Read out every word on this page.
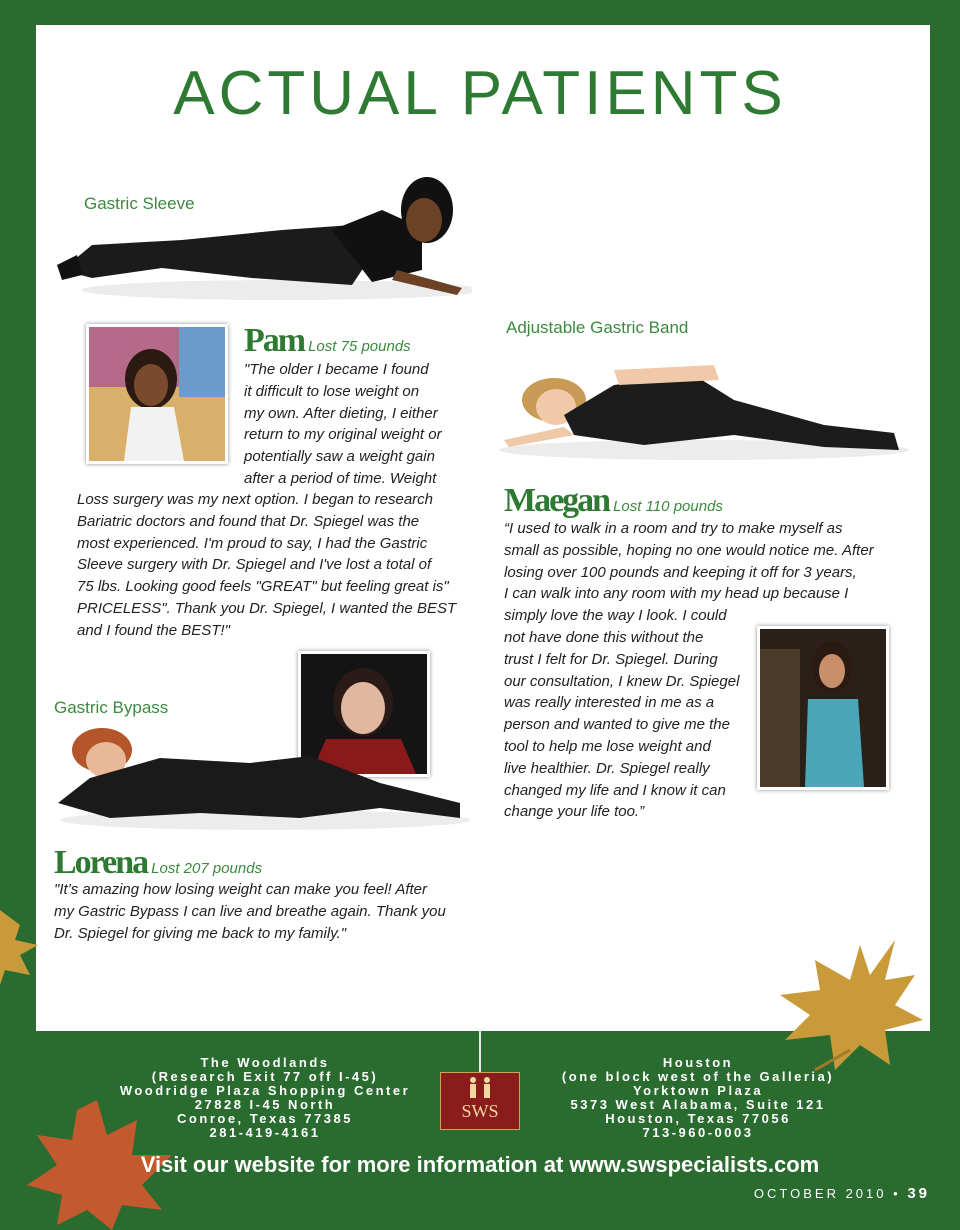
ACTUAL PATIENTS
Gastric Sleeve
Pam Lost 75 pounds
"The older I became I found
it difficult to lose weight on
my own. After dieting, I either
return to my original weight or
potentially saw a weight gain
after a period of time. Weight
Loss surgery was my next option. I began to research
Bariatric doctors and found that Dr. Spiegel was the
most experienced. I'm proud to say, I had the Gastric
Sleeve surgery with Dr. Spiegel and I've lost a total of
75 lbs. Looking good feels "GREAT" but feeling great is"
PRICELESS". Thank you Dr. Spiegel, I wanted the BEST
and I found the BEST!"
Adjustable Gastric Band
Maegan Lost 110 pounds
“I used to walk in a room and try to make myself as
small as possible, hoping no one would notice me. After
losing over 100 pounds and keeping it off for 3 years,
I can walk into any room with my head up because I
simply love the way I look. I could
not have done this without the
trust I felt for Dr. Spiegel. During
our consultation, I knew Dr. Spiegel
was really interested in me as a
person and wanted to give me the
tool to help me lose weight and
live healthier. Dr. Spiegel really
changed my life and I know it can
change your life too.”
Gastric Bypass
Lorena Lost 207 pounds
"It’s amazing how losing weight can make you feel! After
my Gastric Bypass I can live and breathe again. Thank you
Dr. Spiegel for giving me back to my family."
The Woodlands
(Research Exit 77 off I-45)
Woodridge Plaza Shopping Center
27828 I-45 North
Conroe, Texas 77385
281-419-4161
SWS
Houston
(one block west of the Galleria)
Yorktown Plaza
5373 West Alabama, Suite 121
Houston, Texas 77056
713-960-0003
Visit our website for more information at www.swspecialists.com
OCTOBER 2010 • 39
